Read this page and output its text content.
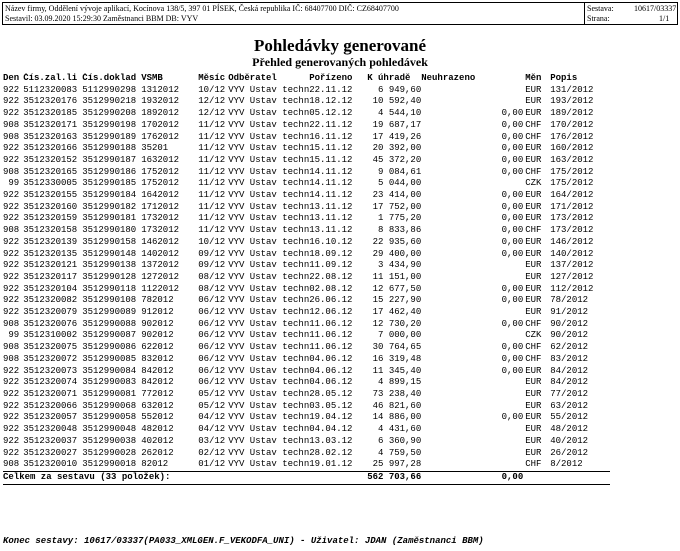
Název firmy, Oddělení vývoje aplikací, Kocínova 138/5, 397 01 PÍSEK, Česká republika IČ: 68407700 DIČ: CZ68407700
Sestavil: 03.09.2020 15:29:30 Zaměstnanci BBM DB: VYV
Sestava:	10617/03337
Strana:	1/1
Pohledávky generované
Přehled generovaných pohledávek
Den	Čís.zal.li	Čís.doklad	VSMB	Měsíc	Odběratel	Pořízeno	K úhradě	Neuhrazeno	Měn	Popis
922	5112320083	5112990298	1312012	10/12	VYV Ústav techn	22.11.12	6 949,60		EUR	131/2012
922	3512320176	3512990218	1932012	12/12	VYV Ústav techn	18.12.12	10 592,40		EUR	193/2012
922	3512320185	3512990208	1892012	12/12	VYV Ústav techn	05.12.12	4 544,10	0,00	EUR	189/2012
908	3512320171	3512990198	1702012	11/12	VYV Ústav techn	22.11.12	19 687,17	0,00	CHF	170/2012
908	3512320163	3512990189	1762012	11/12	VYV Ústav techn	16.11.12	17 419,26	0,00	CHF	176/2012
922	3512320166	3512990188	35201	11/12	VYV Ústav techn	15.11.12	20 392,00	0,00	EUR	160/2012
922	3512320152	3512990187	1632012	11/12	VYV Ústav techn	15.11.12	45 372,20	0,00	EUR	163/2012
908	3512320165	3512990186	1752012	11/12	VYV Ústav techn	14.11.12	9 084,61	0,00	CHF	175/2012
99	3512330005	3512990185	1752012	11/12	VYV Ústav techn	14.11.12	5 044,00		CZK	175/2012
922	3512320155	3512990184	1642012	11/12	VYV Ústav techn	14.11.12	23 414,00	0,00	EUR	164/2012
922	3512320160	3512990182	1712012	11/12	VYV Ústav techn	13.11.12	17 752,00	0,00	EUR	171/2012
922	3512320159	3512990181	1732012	11/12	VYV Ústav techn	13.11.12	1 775,20	0,00	EUR	173/2012
908	3512320158	3512990180	1732012	11/12	VYV Ústav techn	13.11.12	8 833,86	0,00	CHF	173/2012
922	3512320139	3512990158	1462012	10/12	VYV Ústav techn	16.10.12	22 935,60	0,00	EUR	146/2012
922	3512320135	3512990148	1402012	09/12	VYV Ústav techn	18.09.12	29 400,00	0,00	EUR	140/2012
922	3512320121	3512990138	1372012	09/12	VYV Ústav techn	11.09.12	3 434,90		EUR	137/2012
922	3512320117	3512990128	1272012	08/12	VYV Ústav techn	22.08.12	11 151,00		EUR	127/2012
922	3512320104	3512990118	1122012	08/12	VYV Ústav techn	02.08.12	12 677,50	0,00	EUR	112/2012
922	3512320082	3512990108	782012	06/12	VYV Ústav techn	26.06.12	15 227,90	0,00	EUR	78/2012
922	3512320079	3512990089	912012	06/12	VYV Ústav techn	12.06.12	17 462,40		EUR	91/2012
908	3512320076	3512990088	902012	06/12	VYV Ústav techn	11.06.12	12 730,20	0,00	CHF	90/2012
99	3512310002	3512990087	902012	06/12	VYV Ústav techn	11.06.12	7 000,00		CZK	90/2012
908	3512320075	3512990086	622012	06/12	VYV Ústav techn	11.06.12	30 764,65	0,00	CHF	62/2012
908	3512320072	3512990085	832012	06/12	VYV Ústav techn	04.06.12	16 319,48	0,00	CHF	83/2012
922	3512320073	3512990084	842012	06/12	VYV Ústav techn	04.06.12	11 345,40	0,00	EUR	84/2012
922	3512320074	3512990083	842012	06/12	VYV Ústav techn	04.06.12	4 899,15		EUR	84/2012
922	3512320071	3512990081	772012	05/12	VYV Ústav techn	28.05.12	73 238,40		EUR	77/2012
922	3512320066	3512990068	632012	05/12	VYV Ústav techn	03.05.12	46 821,60		EUR	63/2012
922	3512320057	3512990058	552012	04/12	VYV Ústav techn	19.04.12	14 886,00	0,00	EUR	55/2012
922	3512320048	3512990048	482012	04/12	VYV Ústav techn	04.04.12	4 431,60		EUR	48/2012
922	3512320037	3512990038	402012	03/12	VYV Ústav techn	13.03.12	6 360,90		EUR	40/2012
922	3512320027	3512990028	262012	02/12	VYV Ústav techn	28.02.12	4 759,50		EUR	26/2012
908	3512320010	3512990018	82012	01/12	VYV Ústav techn	19.01.12	25 997,28		CHF	8/2012
Celkem za sestavu (33 položek):							562 703,66	0,00		
Konec sestavy: 10617/03337(PA033_XMLGEN.F_VEKODFA_UNI) - Uživatel: JDAN (Zaměstnanci BBM)
